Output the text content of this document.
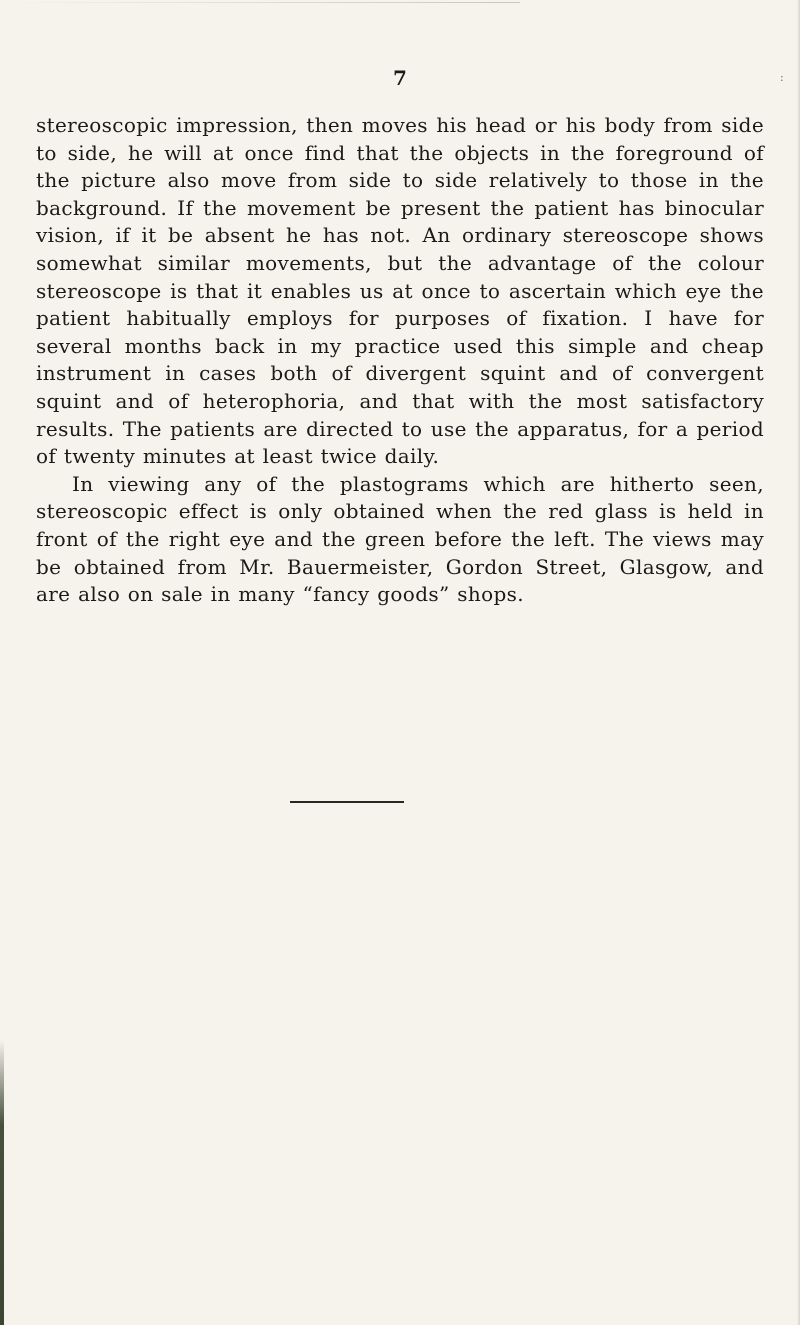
7	:

stereoscopic impression, then moves his head or his body from side to side, he will at once find that the objects in the foreground of the picture also move from side to side relatively to those in the background. If the movement be present the patient has binocular vision, if it be absent he has not. An ordinary stereoscope shows somewhat similar movements, but the advantage of the colour stereoscope is that it enables us at once to ascertain which eye the patient habitually employs for purposes of fixation. I have for several months back in my practice used this simple and cheap instrument in cases both of divergent squint and of convergent squint and of heterophoria, and that with the most satisfactory results. The patients are directed to use the apparatus, for a period of twenty minutes at least twice daily.

In viewing any of the plastograms which are hitherto seen, stereoscopic effect is only obtained when the red glass is held in front of the right eye and the green before the left. The views may be obtained from Mr. Bauermeister, Gordon Street, Glasgow, and are also on sale in many “fancy goods” shops.
